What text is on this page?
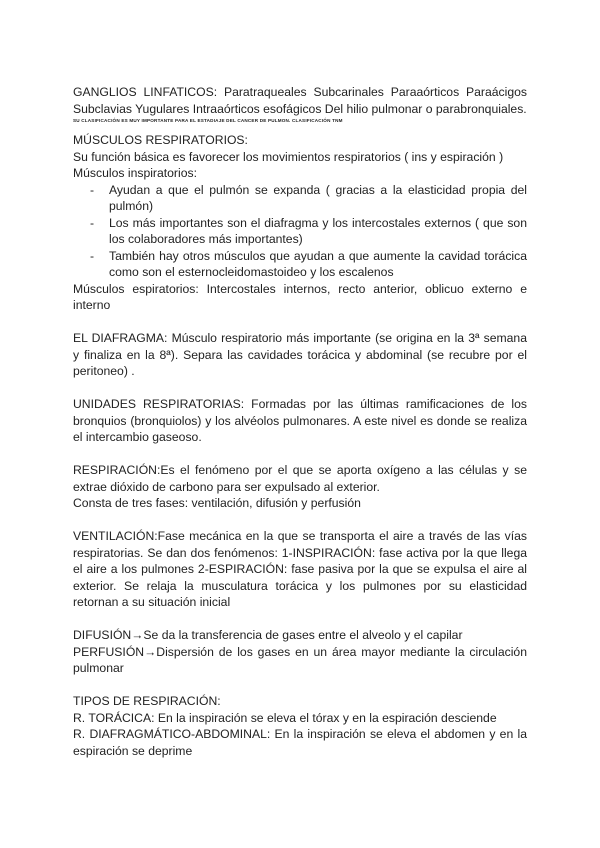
GANGLIOS LINFATICOS: Paratraqueales Subcarinales Paraaórticos Paraácigos Subclavias Yugulares Intraaórticos esofágicos Del hilio pulmonar o parabronquiales.

SU CLASIFICACIÓN ES MUY IMPORTANTE PARA EL ESTADIAJE DEL CANCER DE PULMON. CLASIFICACIÓN TNM

MÚSCULOS RESPIRATORIOS:

Su función básica es favorecer los movimientos respiratorios ( ins y espiración )

Músculos inspiratorios:

- Ayudan a que el pulmón se expanda ( gracias a la elasticidad propia del pulmón)
- Los más importantes son el diafragma y los intercostales externos ( que son los colaboradores más importantes)
- También hay otros músculos que ayudan a que aumente la cavidad torácica como son el esternocleidomastoideo y los escalenos

Músculos espiratorios: Intercostales internos, recto anterior, oblicuo externo e interno

EL DIAFRAGMA: Músculo respiratorio más importante (se origina en la 3ª semana y finaliza en la 8ª). Separa las cavidades torácica y abdominal (se recubre por el peritoneo) .

UNIDADES RESPIRATORIAS: Formadas por las últimas ramificaciones de los bronquios (bronquiolos) y los alvéolos pulmonares. A este nivel es donde se realiza el intercambio gaseoso.

RESPIRACIÓN:Es el fenómeno por el que se aporta oxígeno a las células y se extrae dióxido de carbono para ser expulsado al exterior.

Consta de tres fases: ventilación, difusión y perfusión

VENTILACIÓN:Fase mecánica en la que se transporta el aire a través de las vías respiratorias. Se dan dos fenómenos: 1-INSPIRACIÓN: fase activa por la que llega el aire a los pulmones 2-ESPIRACIÓN: fase pasiva por la que se expulsa el aire al exterior. Se relaja la musculatura torácica y los pulmones por su elasticidad retornan a su situación inicial

DIFUSIÓN→Se da la transferencia de gases entre el alveolo y el capilar

PERFUSIÓN→Dispersión de los gases en un área mayor mediante la circulación pulmonar

TIPOS DE RESPIRACIÓN:

R. TORÁCICA: En la inspiración se eleva el tórax y en la espiración desciende

R. DIAFRAGMÁTICO-ABDOMINAL: En la inspiración se eleva el abdomen y en la espiración se deprime
